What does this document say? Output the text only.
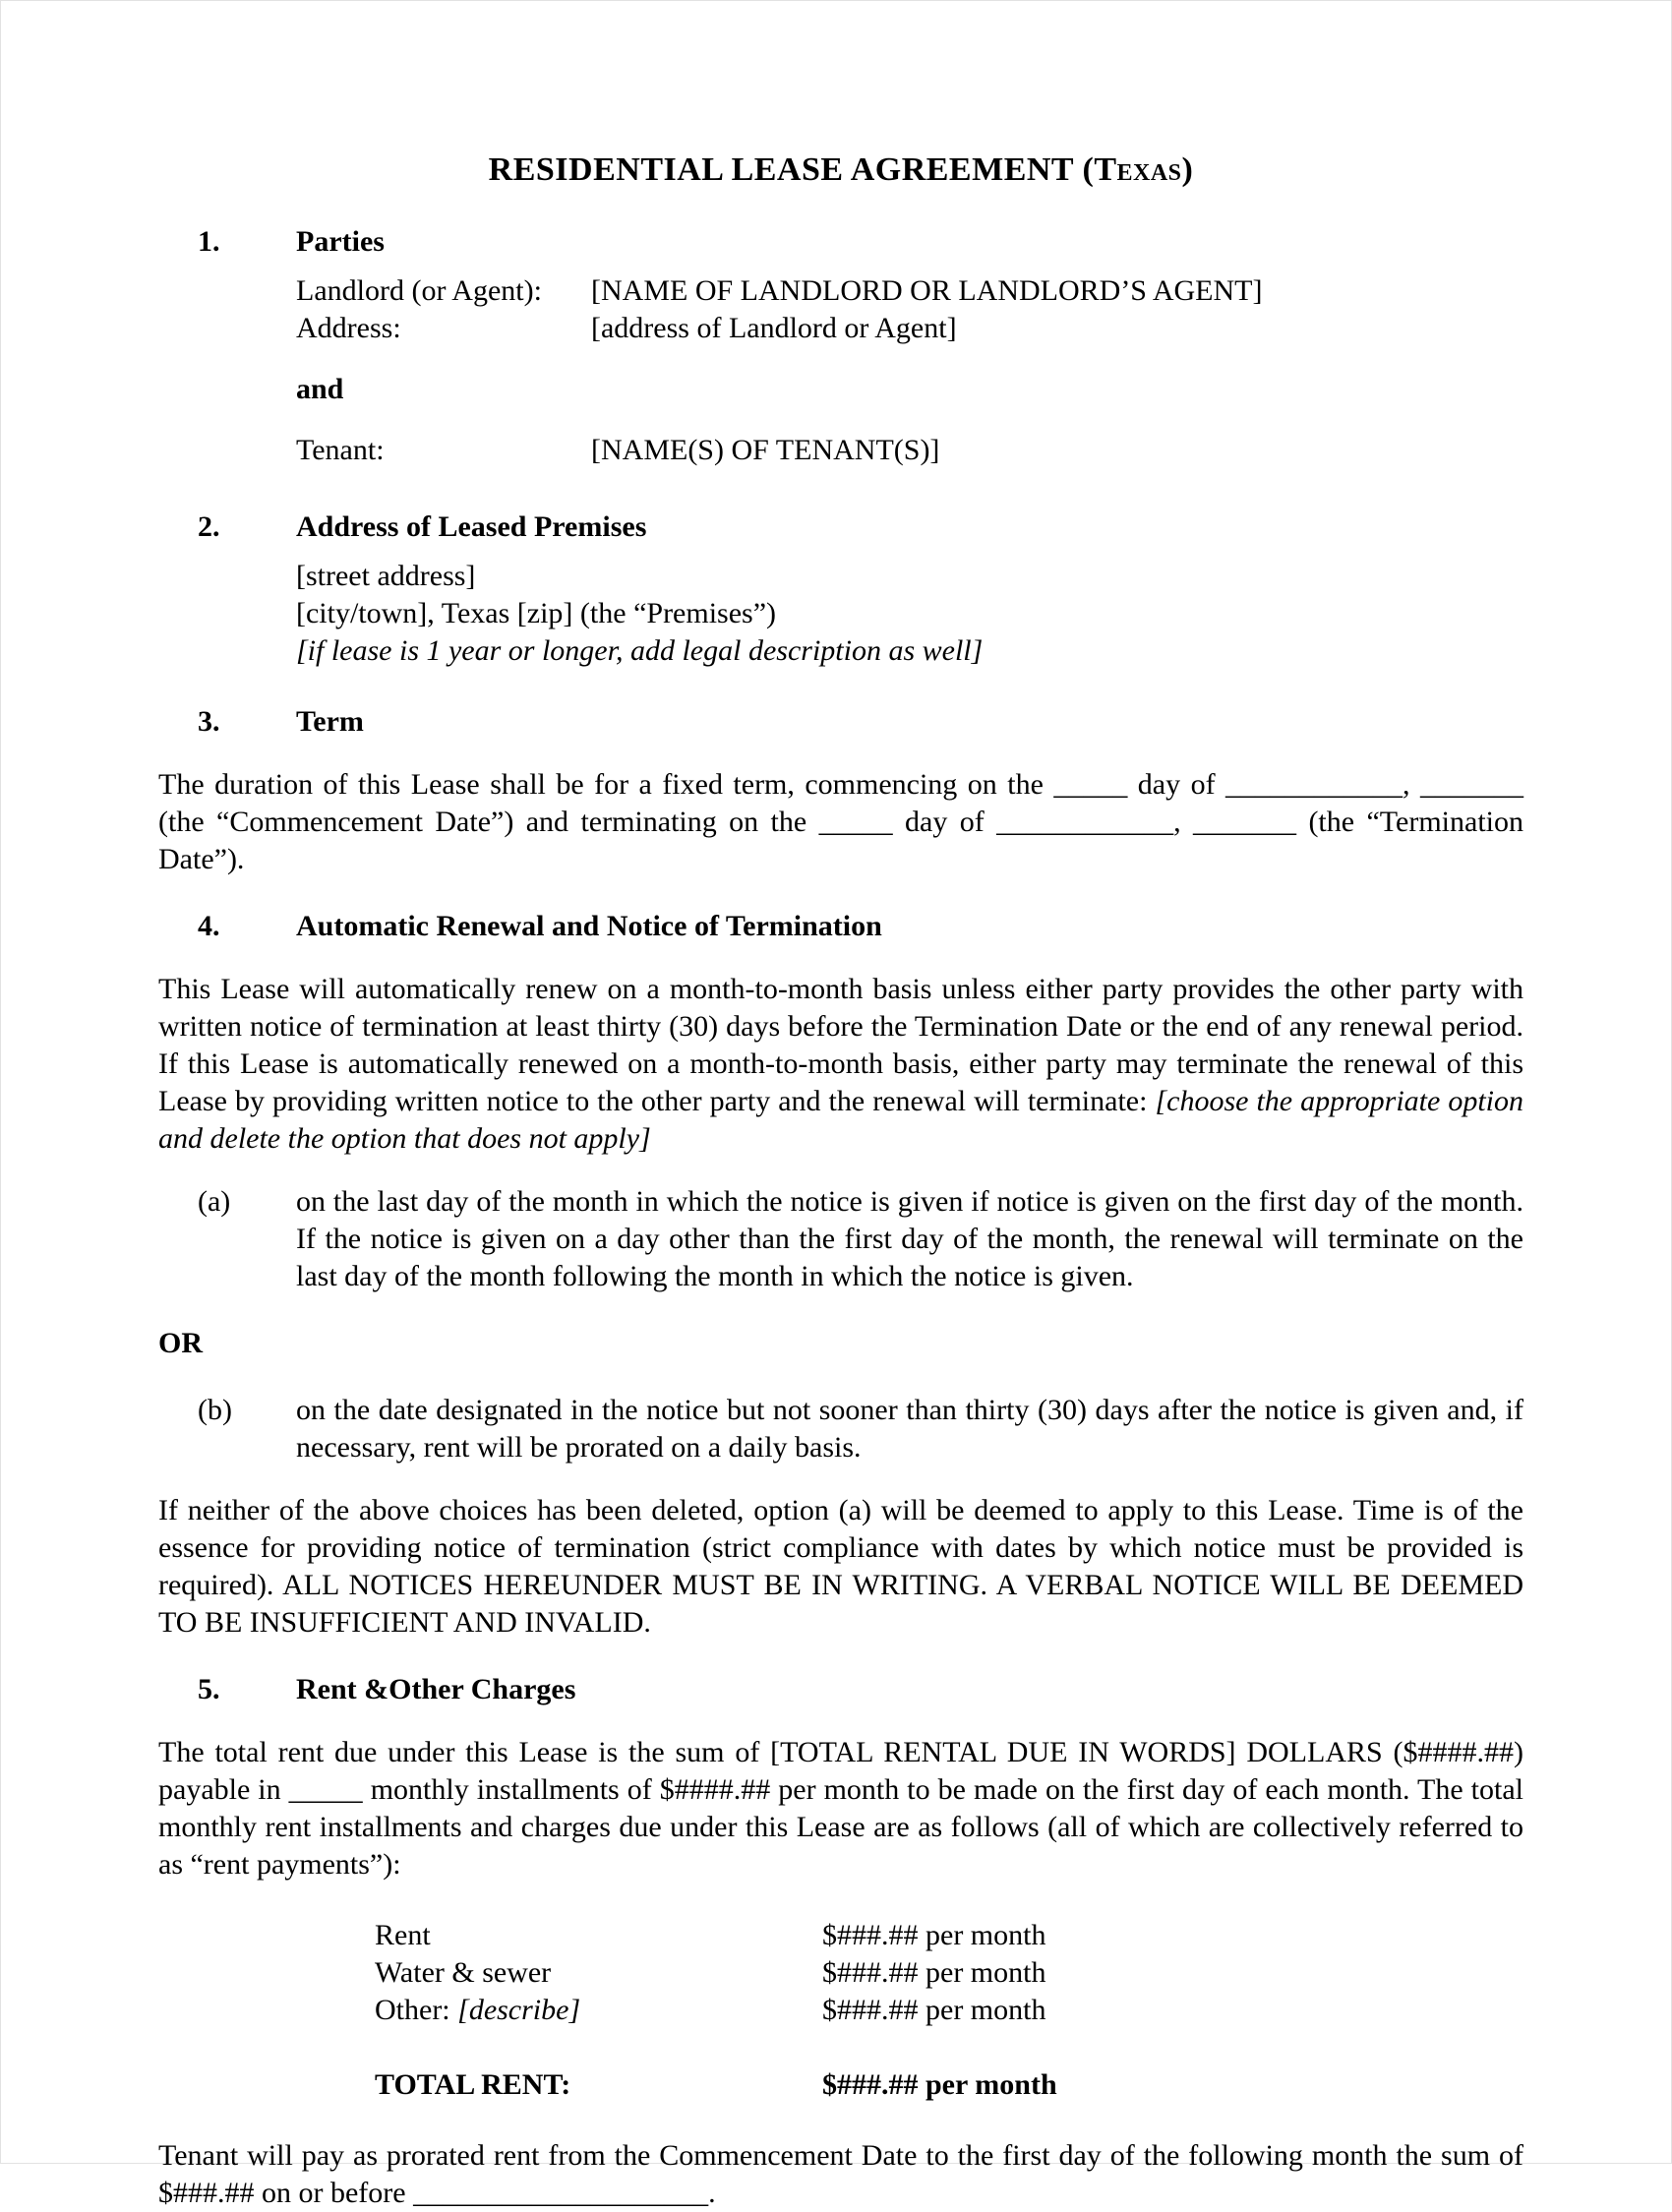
RESIDENTIAL LEASE AGREEMENT (Texas)
1.	Parties
Landlord (or Agent):	[NAME OF LANDLORD OR LANDLORD’S AGENT]
Address:	[address of Landlord or Agent]
and
Tenant:	[NAME(S) OF TENANT(S)]
2.	Address of Leased Premises
[street address]
[city/town], Texas [zip] (the “Premises”)
[if lease is 1 year or longer, add legal description as well]
3.	Term
The duration of this Lease shall be for a fixed term, commencing on the _____ day of ____________, _______ (the “Commencement Date”) and terminating on the _____ day of ____________, _______ (the “Termination Date”).
4.	Automatic Renewal and Notice of Termination
This Lease will automatically renew on a month-to-month basis unless either party provides the other party with written notice of termination at least thirty (30) days before the Termination Date or the end of any renewal period. If this Lease is automatically renewed on a month-to-month basis, either party may terminate the renewal of this Lease by providing written notice to the other party and the renewal will terminate: [choose the appropriate option and delete the option that does not apply]
(a)	on the last day of the month in which the notice is given if notice is given on the first day of the month. If the notice is given on a day other than the first day of the month, the renewal will terminate on the last day of the month following the month in which the notice is given.
OR
(b)	on the date designated in the notice but not sooner than thirty (30) days after the notice is given and, if necessary, rent will be prorated on a daily basis.
If neither of the above choices has been deleted, option (a) will be deemed to apply to this Lease. Time is of the essence for providing notice of termination (strict compliance with dates by which notice must be provided is required). ALL NOTICES HEREUNDER MUST BE IN WRITING. A VERBAL NOTICE WILL BE DEEMED TO BE INSUFFICIENT AND INVALID.
5.	Rent &Other Charges
The total rent due under this Lease is the sum of [TOTAL RENTAL DUE IN WORDS] DOLLARS ($####.##) payable in _____ monthly installments of $####.## per month to be made on the first day of each month. The total monthly rent installments and charges due under this Lease are as follows (all of which are collectively referred to as “rent payments”):
Rent	$###.## per month
Water & sewer	$###.## per month
Other: [describe]	$###.## per month
TOTAL RENT:	$###.## per month
Tenant will pay as prorated rent from the Commencement Date to the first day of the following month the sum of $###.## on or before ____________________.
